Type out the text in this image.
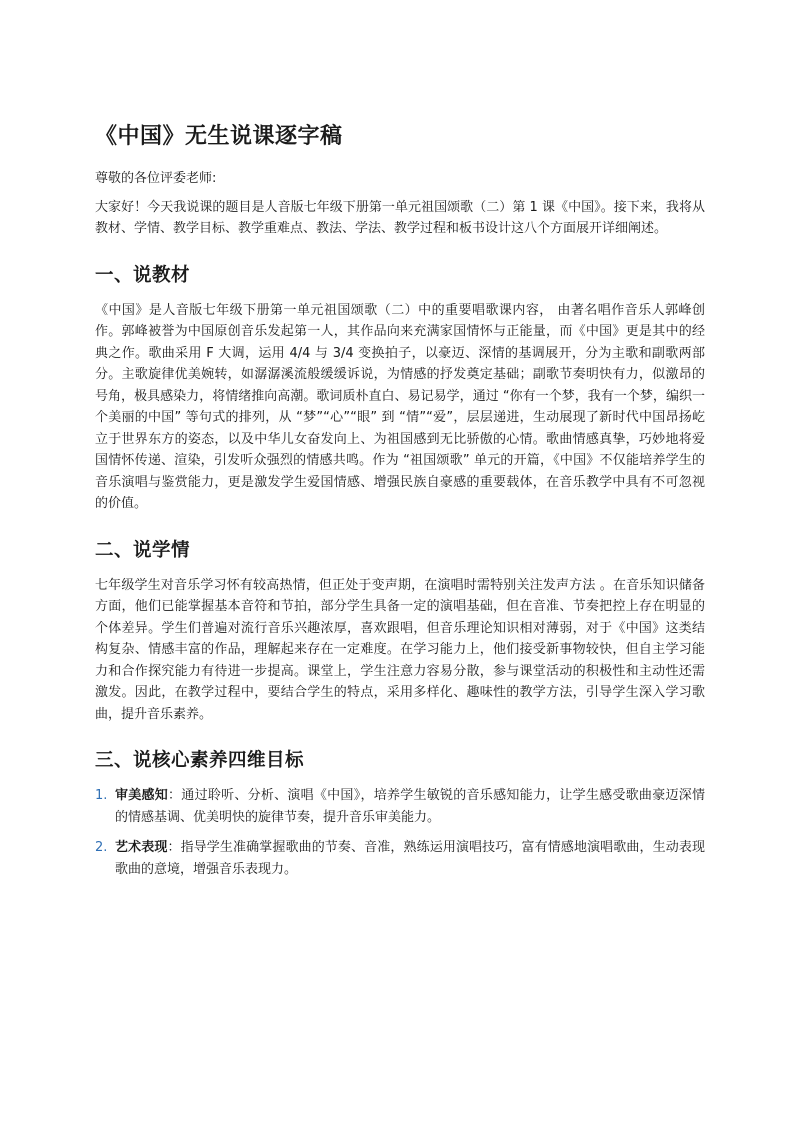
《中国》无生说课逐字稿

尊敬的各位评委老师:

大家好！今天我说课的题目是人音版七年级下册第一单元祖国颂歌（二）第 1 课《中国》。接下来，我将从教材、学情、教学目标、教学重难点、教法、学法、教学过程和板书设计这八个方面展开详细阐述。

一、说教材

《中国》是人音版七年级下册第一单元祖国颂歌（二）中的重要唱歌课内容， 由著名唱作音乐人郭峰创作。郭峰被誉为中国原创音乐发起第一人，其作品向来充满家国情怀与正能量，而《中国》更是其中的经典之作。歌曲采用 F 大调，运用 4/4 与 3/4 变换拍子，以豪迈、深情的基调展开，分为主歌和副歌两部分。主歌旋律优美婉转，如潺潺溪流般缓缓诉说，为情感的抒发奠定基础；副歌节奏明快有力，似激昂的号角，极具感染力，将情绪推向高潮。歌词质朴直白、易记易学，通过 “你有一个梦，我有一个梦，编织一个美丽的中国” 等句式的排列，从 “梦”“心”“眼” 到 “情”“爱”，层层递进，生动展现了新时代中国昂扬屹立于世界东方的姿态，以及中华儿女奋发向上、为祖国感到无比骄傲的心情。歌曲情感真挚，巧妙地将爱国情怀传递、渲染，引发听众强烈的情感共鸣。作为 “祖国颂歌” 单元的开篇，《中国》不仅能培养学生的音乐演唱与鉴赏能力，更是激发学生爱国情感、增强民族自豪感的重要载体，在音乐教学中具有不可忽视的价值。

二、说学情

七年级学生对音乐学习怀有较高热情，但正处于变声期，在演唱时需特别关注发声方法 。在音乐知识储备方面，他们已能掌握基本音符和节拍，部分学生具备一定的演唱基础，但在音准、节奏把控上存在明显的个体差异。学生们普遍对流行音乐兴趣浓厚，喜欢跟唱，但音乐理论知识相对薄弱，对于《中国》这类结构复杂、情感丰富的作品，理解起来存在一定难度。在学习能力上，他们接受新事物较快，但自主学习能力和合作探究能力有待进一步提高。课堂上，学生注意力容易分散，参与课堂活动的积极性和主动性还需激发。因此，在教学过程中，要结合学生的特点，采用多样化、趣味性的教学方法，引导学生深入学习歌曲，提升音乐素养。

三、说核心素养四维目标
1. 审美感知：通过聆听、分析、演唱《中国》，培养学生敏锐的音乐感知能力，让学生感受歌曲豪迈深情的情感基调、优美明快的旋律节奏，提升音乐审美能力。
2. 艺术表现：指导学生准确掌握歌曲的节奏、音准，熟练运用演唱技巧，富有情感地演唱歌曲，生动表现歌曲的意境，增强音乐表现力。
